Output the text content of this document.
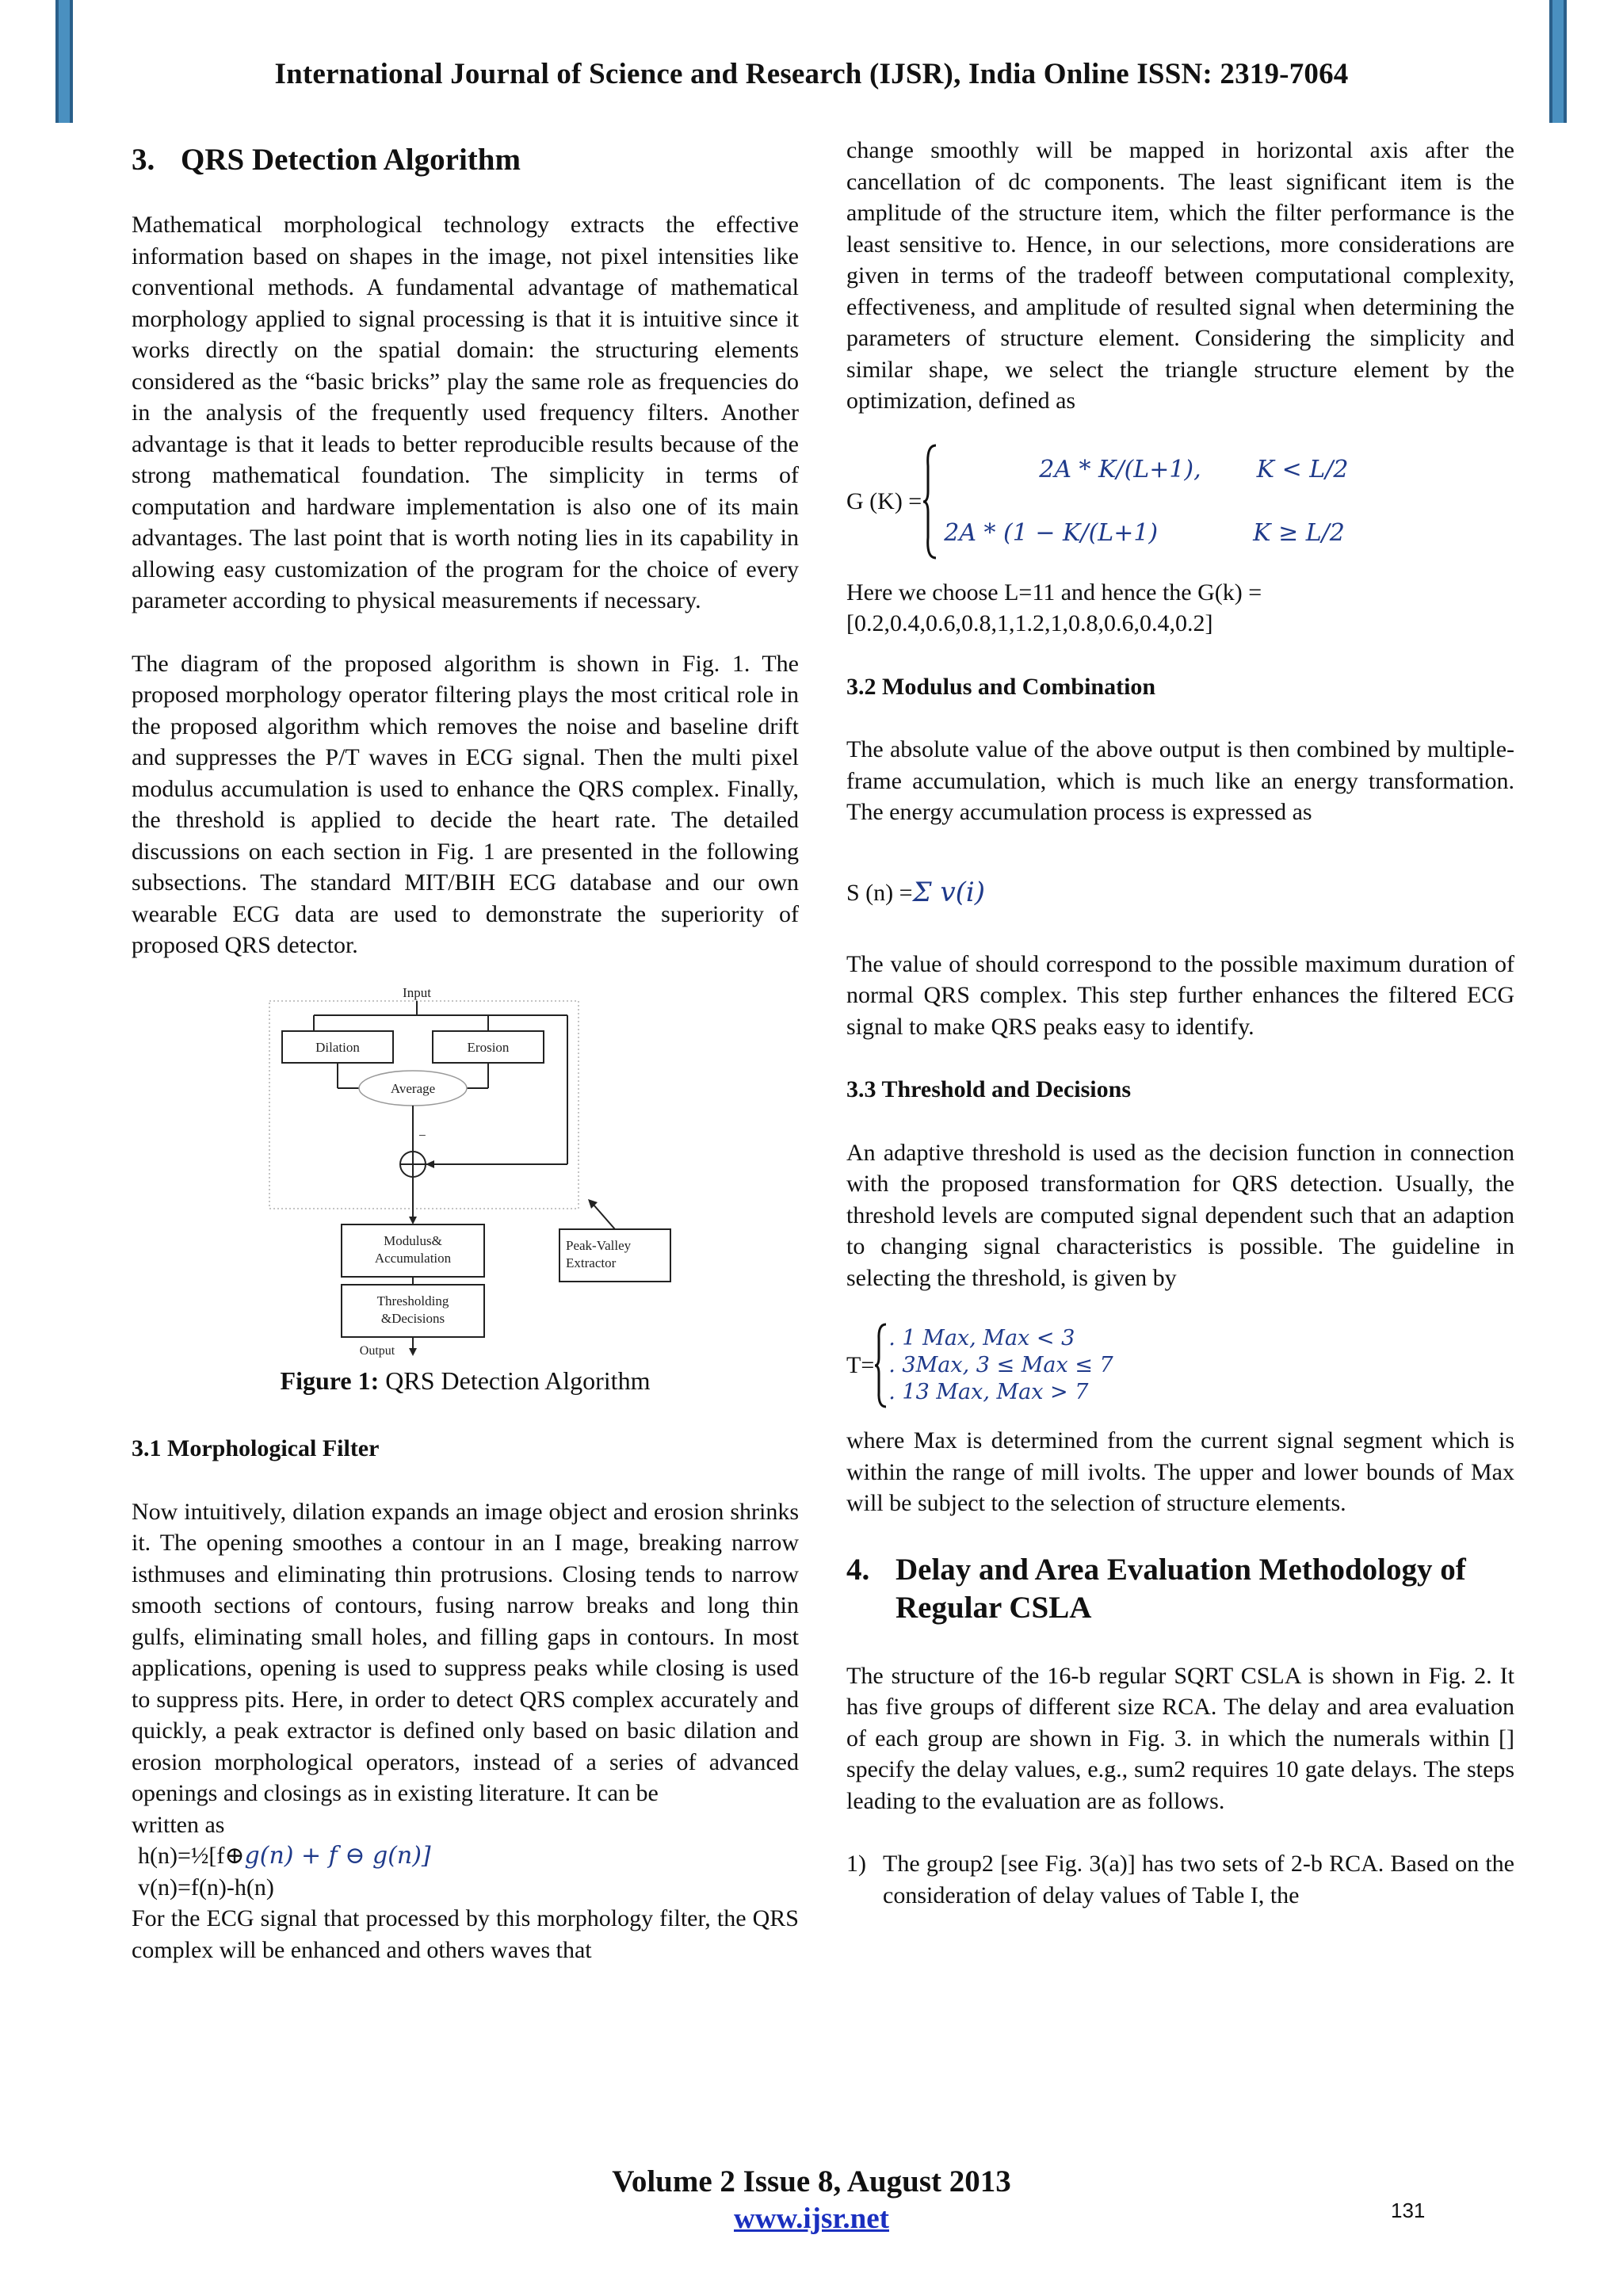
International Journal of Science and Research (IJSR), India Online ISSN: 2319-7064
3. QRS Detection Algorithm

Mathematical morphological technology extracts the effective information based on shapes in the image, not pixel intensities like conventional methods. A fundamental advantage of mathematical morphology applied to signal processing is that it is intuitive since it works directly on the spatial domain: the structuring elements considered as the “basic bricks” play the same role as frequencies do in the analysis of the frequently used frequency filters. Another advantage is that it leads to better reproducible results because of the strong mathematical foundation. The simplicity in terms of computation and hardware implementation is also one of its main advantages. The last point that is worth noting lies in its capability in allowing easy customization of the program for the choice of every parameter according to physical measurements if necessary.

The diagram of the proposed algorithm is shown in Fig. 1. The proposed morphology operator filtering plays the most critical role in the proposed algorithm which removes the noise and baseline drift and suppresses the P/T waves in ECG signal. Then the multi pixel modulus accumulation is used to enhance the QRS complex. Finally, the threshold is applied to decide the heart rate. The detailed discussions on each section in Fig. 1 are presented in the following subsections. The standard MIT/BIH ECG database and our own wearable ECG data are used to demonstrate the superiority of proposed QRS detector.

Input
Dilation	Erosion
Average
−
Modulus&
Accumulation
Thresholding
&Decisions
Output
Peak-Valley
Extractor
Figure 1: QRS Detection Algorithm
3.1 Morphological Filter

Now intuitively, dilation expands an image object and erosion shrinks it. The opening smoothes a contour in an I mage, breaking narrow isthmuses and eliminating thin protrusions. Closing tends to narrow smooth sections of contours, fusing narrow breaks and long thin gulfs, eliminating small holes, and filling gaps in contours. In most applications, opening is used to suppress peaks while closing is used to suppress pits. Here, in order to detect QRS complex accurately and quickly, a peak extractor is defined only based on basic dilation and erosion morphological operators, instead of a series of advanced openings and closings as in existing literature. It can be

written as

h(n)= ½[f⊕ g(n) + f ⊖ g(n)]

v(n)=f(n)-h(n)

For the ECG signal that processed by this morphology filter, the QRS complex will be enhanced and others waves that

change smoothly will be mapped in horizontal axis after the cancellation of dc components. The least significant item is the amplitude of the structure item, which the filter performance is the least sensitive to. Hence, in our selections, more considerations are given in terms of the tradeoff between computational complexity, effectiveness, and amplitude of resulted signal when determining the parameters of structure element. Considering the simplicity and similar shape, we select the triangle structure element by the optimization, defined as

G (K) =
2A * K/(L+1), K < L/2
2A * (1 − K/(L+1)	K ≥ L/2

Here we choose L=11 and hence the G(k) = [0.2,0.4,0.6,0.8,1,1.2,1,0.8,0.6,0.4,0.2]

3.2 Modulus and Combination

The absolute value of the above output is then combined by multiple-frame accumulation, which is much like an energy transformation. The energy accumulation process is expressed as

S (n) = Σ v(i)

The value of should correspond to the possible maximum duration of normal QRS complex. This step further enhances the filtered ECG signal to make QRS peaks easy to identify.

3.3 Threshold and Decisions

An adaptive threshold is used as the decision function in connection with the proposed transformation for QRS detection. Usually, the threshold levels are computed signal dependent such that an adaption to changing signal characteristics is possible. The guideline in selecting the threshold, is given by

T=
. 1 Max, Max < 3
. 3Max, 3 ≤ Max ≤ 7
. 13 Max, Max > 7

where Max is determined from the current signal segment which is within the range of mill ivolts. The upper and lower bounds of Max will be subject to the selection of structure elements.

4. Delay and Area Evaluation Methodology of Regular CSLA

The structure of the 16-b regular SQRT CSLA is shown in Fig. 2. It has five groups of different size RCA. The delay and area evaluation of each group are shown in Fig. 3. in which the numerals within [] specify the delay values, e.g., sum2 requires 10 gate delays. The steps leading to the evaluation are as follows.

1) The group2 [see Fig. 3(a)] has two sets of 2-b RCA. Based on the consideration of delay values of Table I, the

Volume 2 Issue 8, August 2013
www.ijsr.net	131
